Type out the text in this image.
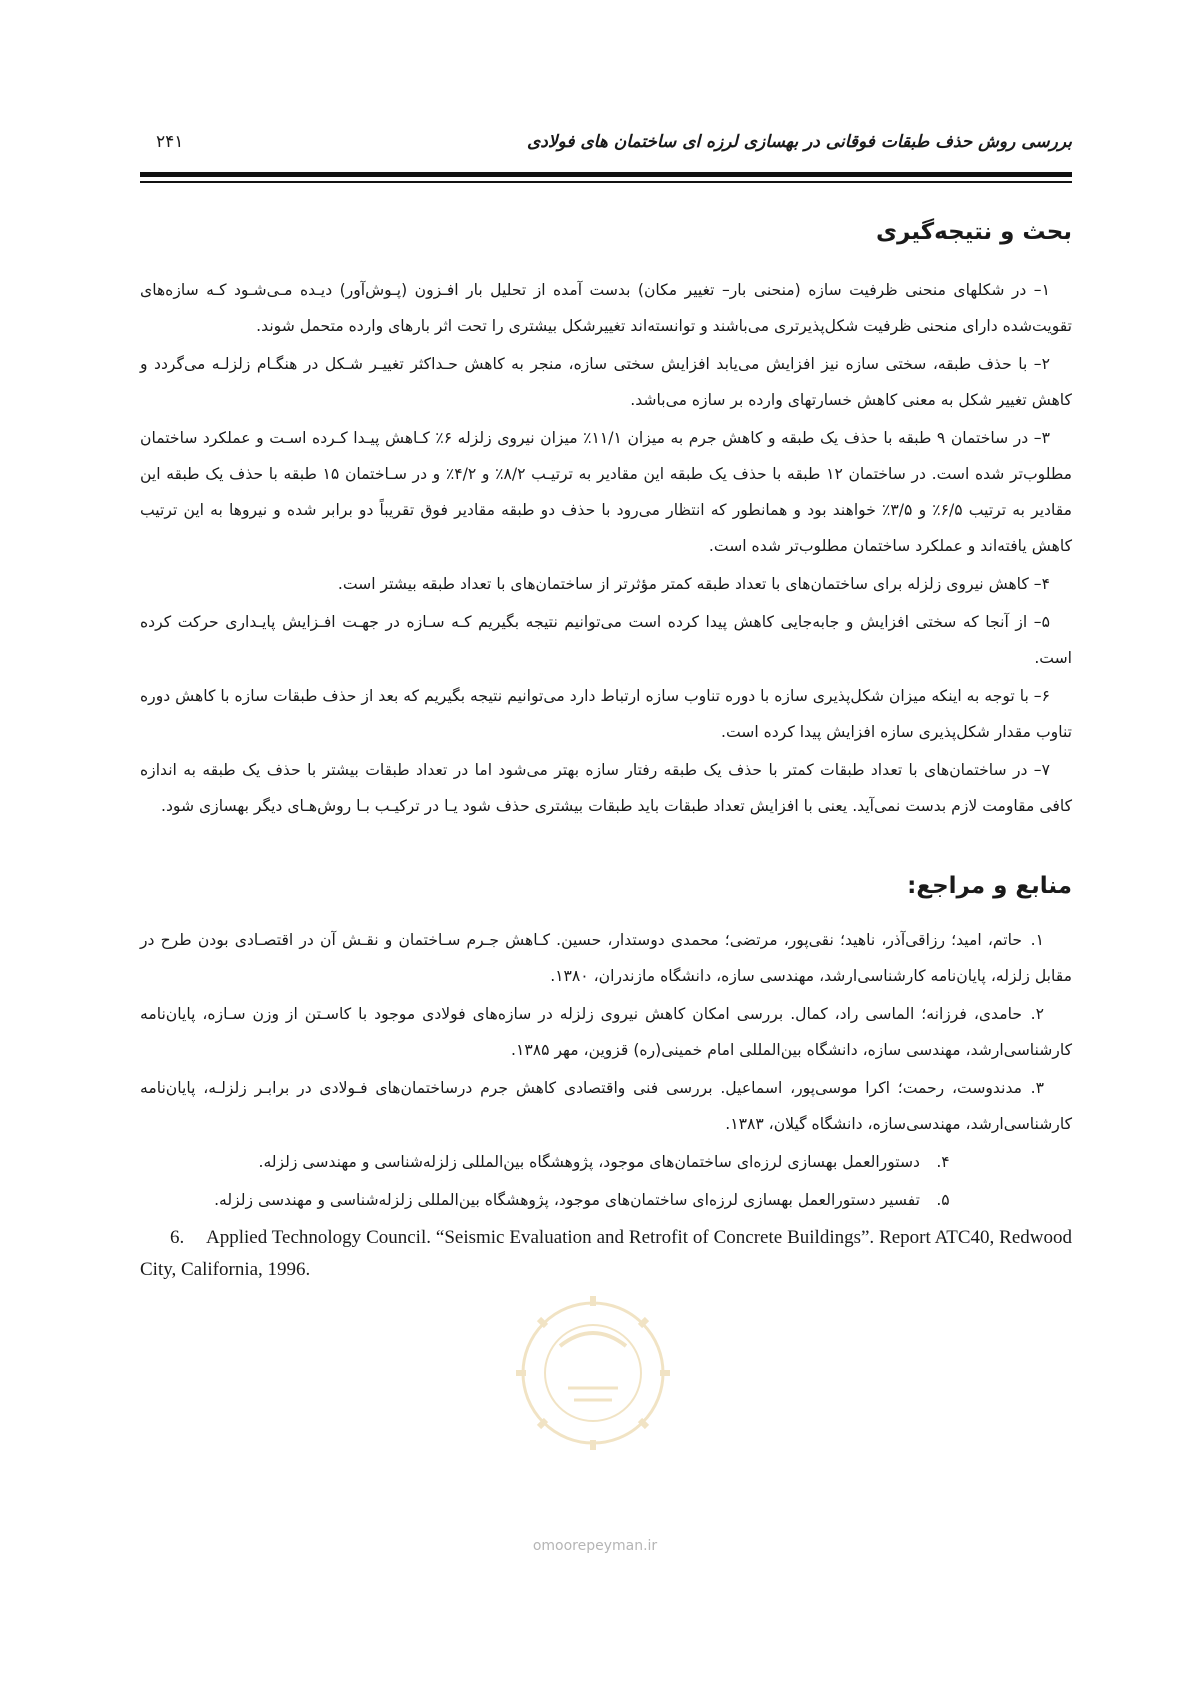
بررسی روش حذف طبقات فوقانی در بهسازی لرزه ای ساختمان های فولادی
۲۴۱
بحث و نتیجه‌گیری

۱– در شکلهای منحنی ظرفیت سازه (منحنی بار– تغییر مکان) بدست آمده از تحلیل بار افـزون (پـوش‌آور) دیـده مـی‌شـود کـه سازه‌های تقویت‌شده دارای منحنی ظرفیت شکل‌پذیرتری می‌باشند و توانسته‌اند تغییرشکل بیشتری را تحت اثر بارهای وارده متحمل شوند.

۲– با حذف طبقه، سختی سازه نیز افزایش می‌یابد افزایش سختی سازه، منجر به کاهش حـداکثر تغییـر شـکل در هنگـام زلزلـه می‌گردد و کاهش تغییر شکل به معنی کاهش خسارتهای وارده بر سازه می‌باشد.

۳– در ساختمان ۹ طبقه با حذف یک طبقه و کاهش جرم به میزان ۱۱/۱٪ میزان نیروی زلزله ۶٪ کـاهش پیـدا کـرده اسـت و عملکرد ساختمان مطلوب‌تر شده است. در ساختمان ۱۲ طبقه با حذف یک طبقه این مقادیر به ترتیـب ۸/۲٪ و ۴/۲٪ و در سـاختمان ۱۵ طبقه با حذف یک طبقه این مقادیر به ترتیب ۶/۵٪ و ۳/۵٪ خواهند بود و همانطور که انتظار می‌رود با حذف دو طبقه مقادیر فوق تقریباً دو برابر شده و نیروها به این ترتیب کاهش یافته‌اند و عملکرد ساختمان مطلوب‌تر شده است.

۴– کاهش نیروی زلزله برای ساختمان‌های با تعداد طبقه کمتر مؤثرتر از ساختمان‌های با تعداد طبقه بیشتر است.

۵– از آنجا که سختی افزایش و جابه‌جایی کاهش پیدا کرده است می‌توانیم نتیجه بگیریم کـه سـازه در جهـت افـزایش پایـداری حرکت کرده است.

۶– با توجه به اینکه میزان شکل‌پذیری سازه با دوره تناوب سازه ارتباط دارد می‌توانیم نتیجه بگیریم که بعد از حذف طبقات سازه با کاهش دوره تناوب مقدار شکل‌پذیری سازه افزایش پیدا کرده است.

۷– در ساختمان‌های با تعداد طبقات کمتر با حذف یک طبقه رفتار سازه بهتر می‌شود اما در تعداد طبقات بیشتر با حذف یک طبقه به اندازه کافی مقاومت لازم بدست نمی‌آید. یعنی با افزایش تعداد طبقات باید طبقات بیشتری حذف شود یـا در ترکیـب بـا روش‌هـای دیگر بهسازی شود.

منابع و مراجع:

۱.حاتم، امید؛ رزاقی‌آذر، ناهید؛ نقی‌پور، مرتضی؛ محمدی دوستدار، حسین. کـاهش جـرم سـاختمان و نقـش آن در اقتصـادی بودن طرح در مقابل زلزله، پایان‌نامه کارشناسی‌ارشد، مهندسی سازه، دانشگاه مازندران، ۱۳۸۰.

۲.حامدی، فرزانه؛ الماسی راد، کمال. بررسی امکان کاهش نیروی زلزله در سازه‌های فولادی موجود با کاسـتن از وزن سـازه، پایان‌نامه کارشناسی‌ارشد، مهندسی سازه، دانشگاه بین‌المللی امام خمینی(ره) قزوین، مهر ۱۳۸۵.

۳.مدندوست، رحمت؛ اکرا موسی‌پور، اسماعیل. بررسی فنی واقتصادی کاهش جرم درساختمان‌های فـولادی در برابـر زلزلـه، پایان‌نامه کارشناسی‌ارشد، مهندسی‌سازه، دانشگاه گیلان، ۱۳۸۳.

۴.دستورالعمل بهسازی لرزه‌ای ساختمان‌های موجود، پژوهشگاه بین‌المللی زلزله‌شناسی و مهندسی زلزله.

۵.تفسیر دستورالعمل بهسازی لرزه‌ای ساختمان‌های موجود، پژوهشگاه بین‌المللی زلزله‌شناسی و مهندسی زلزله.

6. Applied Technology Council. “Seismic Evaluation and Retrofit of Concrete Buildings”. Report ATC40, Redwood City, California, 1996.

omoorepeyman.ir
